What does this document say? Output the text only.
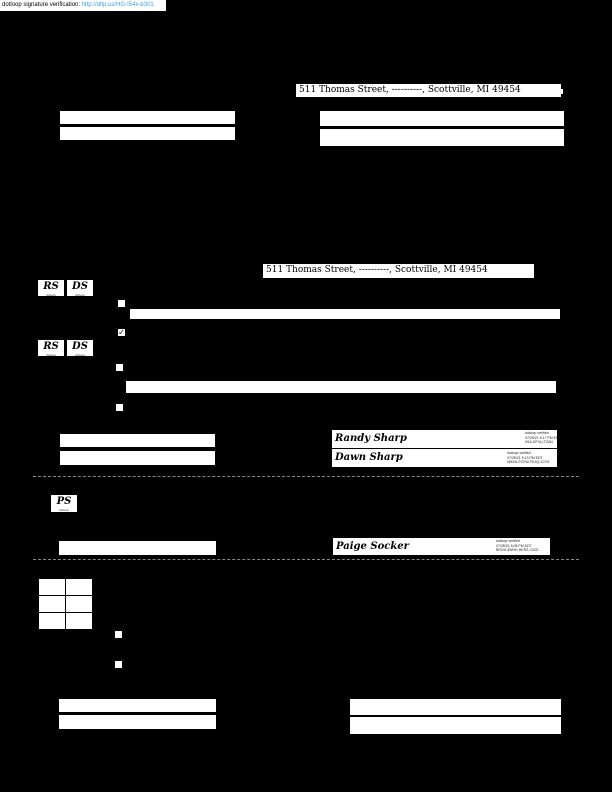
dotloop signature verification: http://dtlp.us/HG-I54x-b301
511 Thomas Street, ----------, Scottville, MI 49454
511 Thomas Street, ----------, Scottville, MI 49454
RS
dotloop
DS
dotloop
✓
RS
dotloop
DS
dotloop
Randy Sharp	dotloop verified
07/28/21 5:17 PM EDT
IXIA-GFXU-TZAN
Dawn Sharp	dotloop verified
07/28/21 5:13 PM EDT
HMSU-FCPW-FK1Q-1CVS
PS
dotloop
Paige Socker	dotloop verified
07/28/21 6:08 PM EDT
BROH-3WHH-HKRZ-C0ZD
